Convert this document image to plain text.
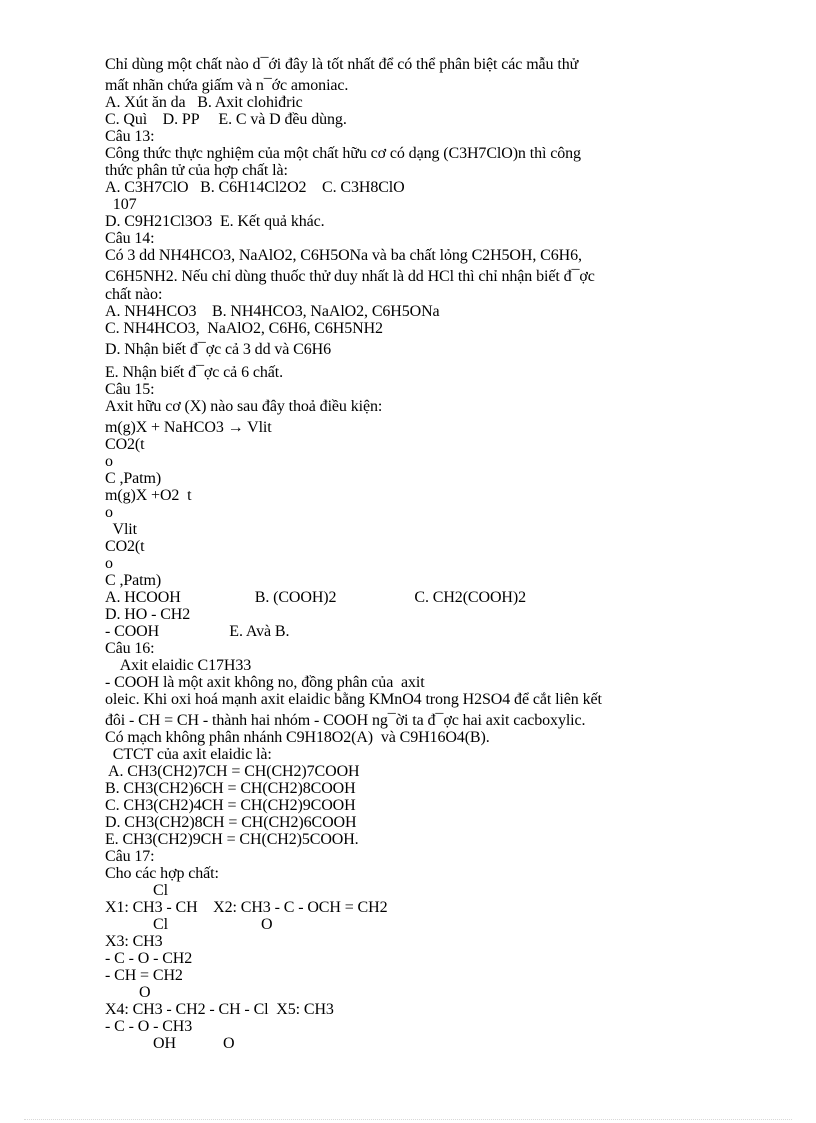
Chỉ dùng một chất nào d¯ới đây là tốt nhất để có thể phân biệt các mẫu thử
mất nhãn chứa giấm và n¯ớc amoniac.
A. Xút ăn da   B. Axit clohiđric
C. Quì    D. PP     E. C và D đều dùng.
Câu 13:
Công thức thực nghiệm của một chất hữu cơ có dạng (C3H7ClO)n thì công
thức phân tử của hợp chất là:
A. C3H7ClO   B. C6H14Cl2O2    C. C3H8ClO
107
D. C9H21Cl3O3  E. Kết quả khác.
Câu 14:
Có 3 dd NH4HCO3, NaAlO2, C6H5ONa và ba chất lỏng C2H5OH, C6H6,
C6H5NH2. Nếu chỉ dùng thuốc thử duy nhất là dd HCl thì chỉ nhận biết đ¯ợc
chất nào:
A. NH4HCO3    B. NH4HCO3, NaAlO2, C6H5ONa
C. NH4HCO3,  NaAlO2, C6H6, C6H5NH2
D. Nhận biết đ¯ợc cả 3 dd và C6H6
E. Nhận biết đ¯ợc cả 6 chất.
Câu 15:
Axit hữu cơ (X) nào sau đây thoả điều kiện:
m(g)X + NaHCO3 → Vlit
CO2(t
o
C ,Patm)
m(g)X +O2  t
o
Vlit
CO2(t
o
C ,Patm)
A. HCOOH                   B. (COOH)2                    C. CH2(COOH)2
D. HO - CH2
- COOH                  E. Avà B.
Câu 16:
Axit elaidic C17H33
- COOH là một axit không no, đồng phân của  axit
oleic. Khi oxi hoá mạnh axit elaidic bằng KMnO4 trong H2SO4 để cắt liên kết
đôi - CH = CH - thành hai nhóm - COOH ng¯ời ta đ¯ợc hai axit cacboxylic.
Có mạch không phân nhánh C9H18O2(A)  và C9H16O4(B).
CTCT của axit elaidic là:
A. CH3(CH2)7CH = CH(CH2)7COOH
B. CH3(CH2)6CH = CH(CH2)8COOH
C. CH3(CH2)4CH = CH(CH2)9COOH
D. CH3(CH2)8CH = CH(CH2)6COOH
E. CH3(CH2)9CH = CH(CH2)5COOH.
Câu 17:
Cho các hợp chất:
Cl
X1: CH3 - CH    X2: CH3 - C - OCH = CH2
Cl	O
X3: CH3
- C - O - CH2
- CH = CH2
O
X4: CH3 - CH2 - CH - Cl  X5: CH3
- C - O - CH3
OH	O
